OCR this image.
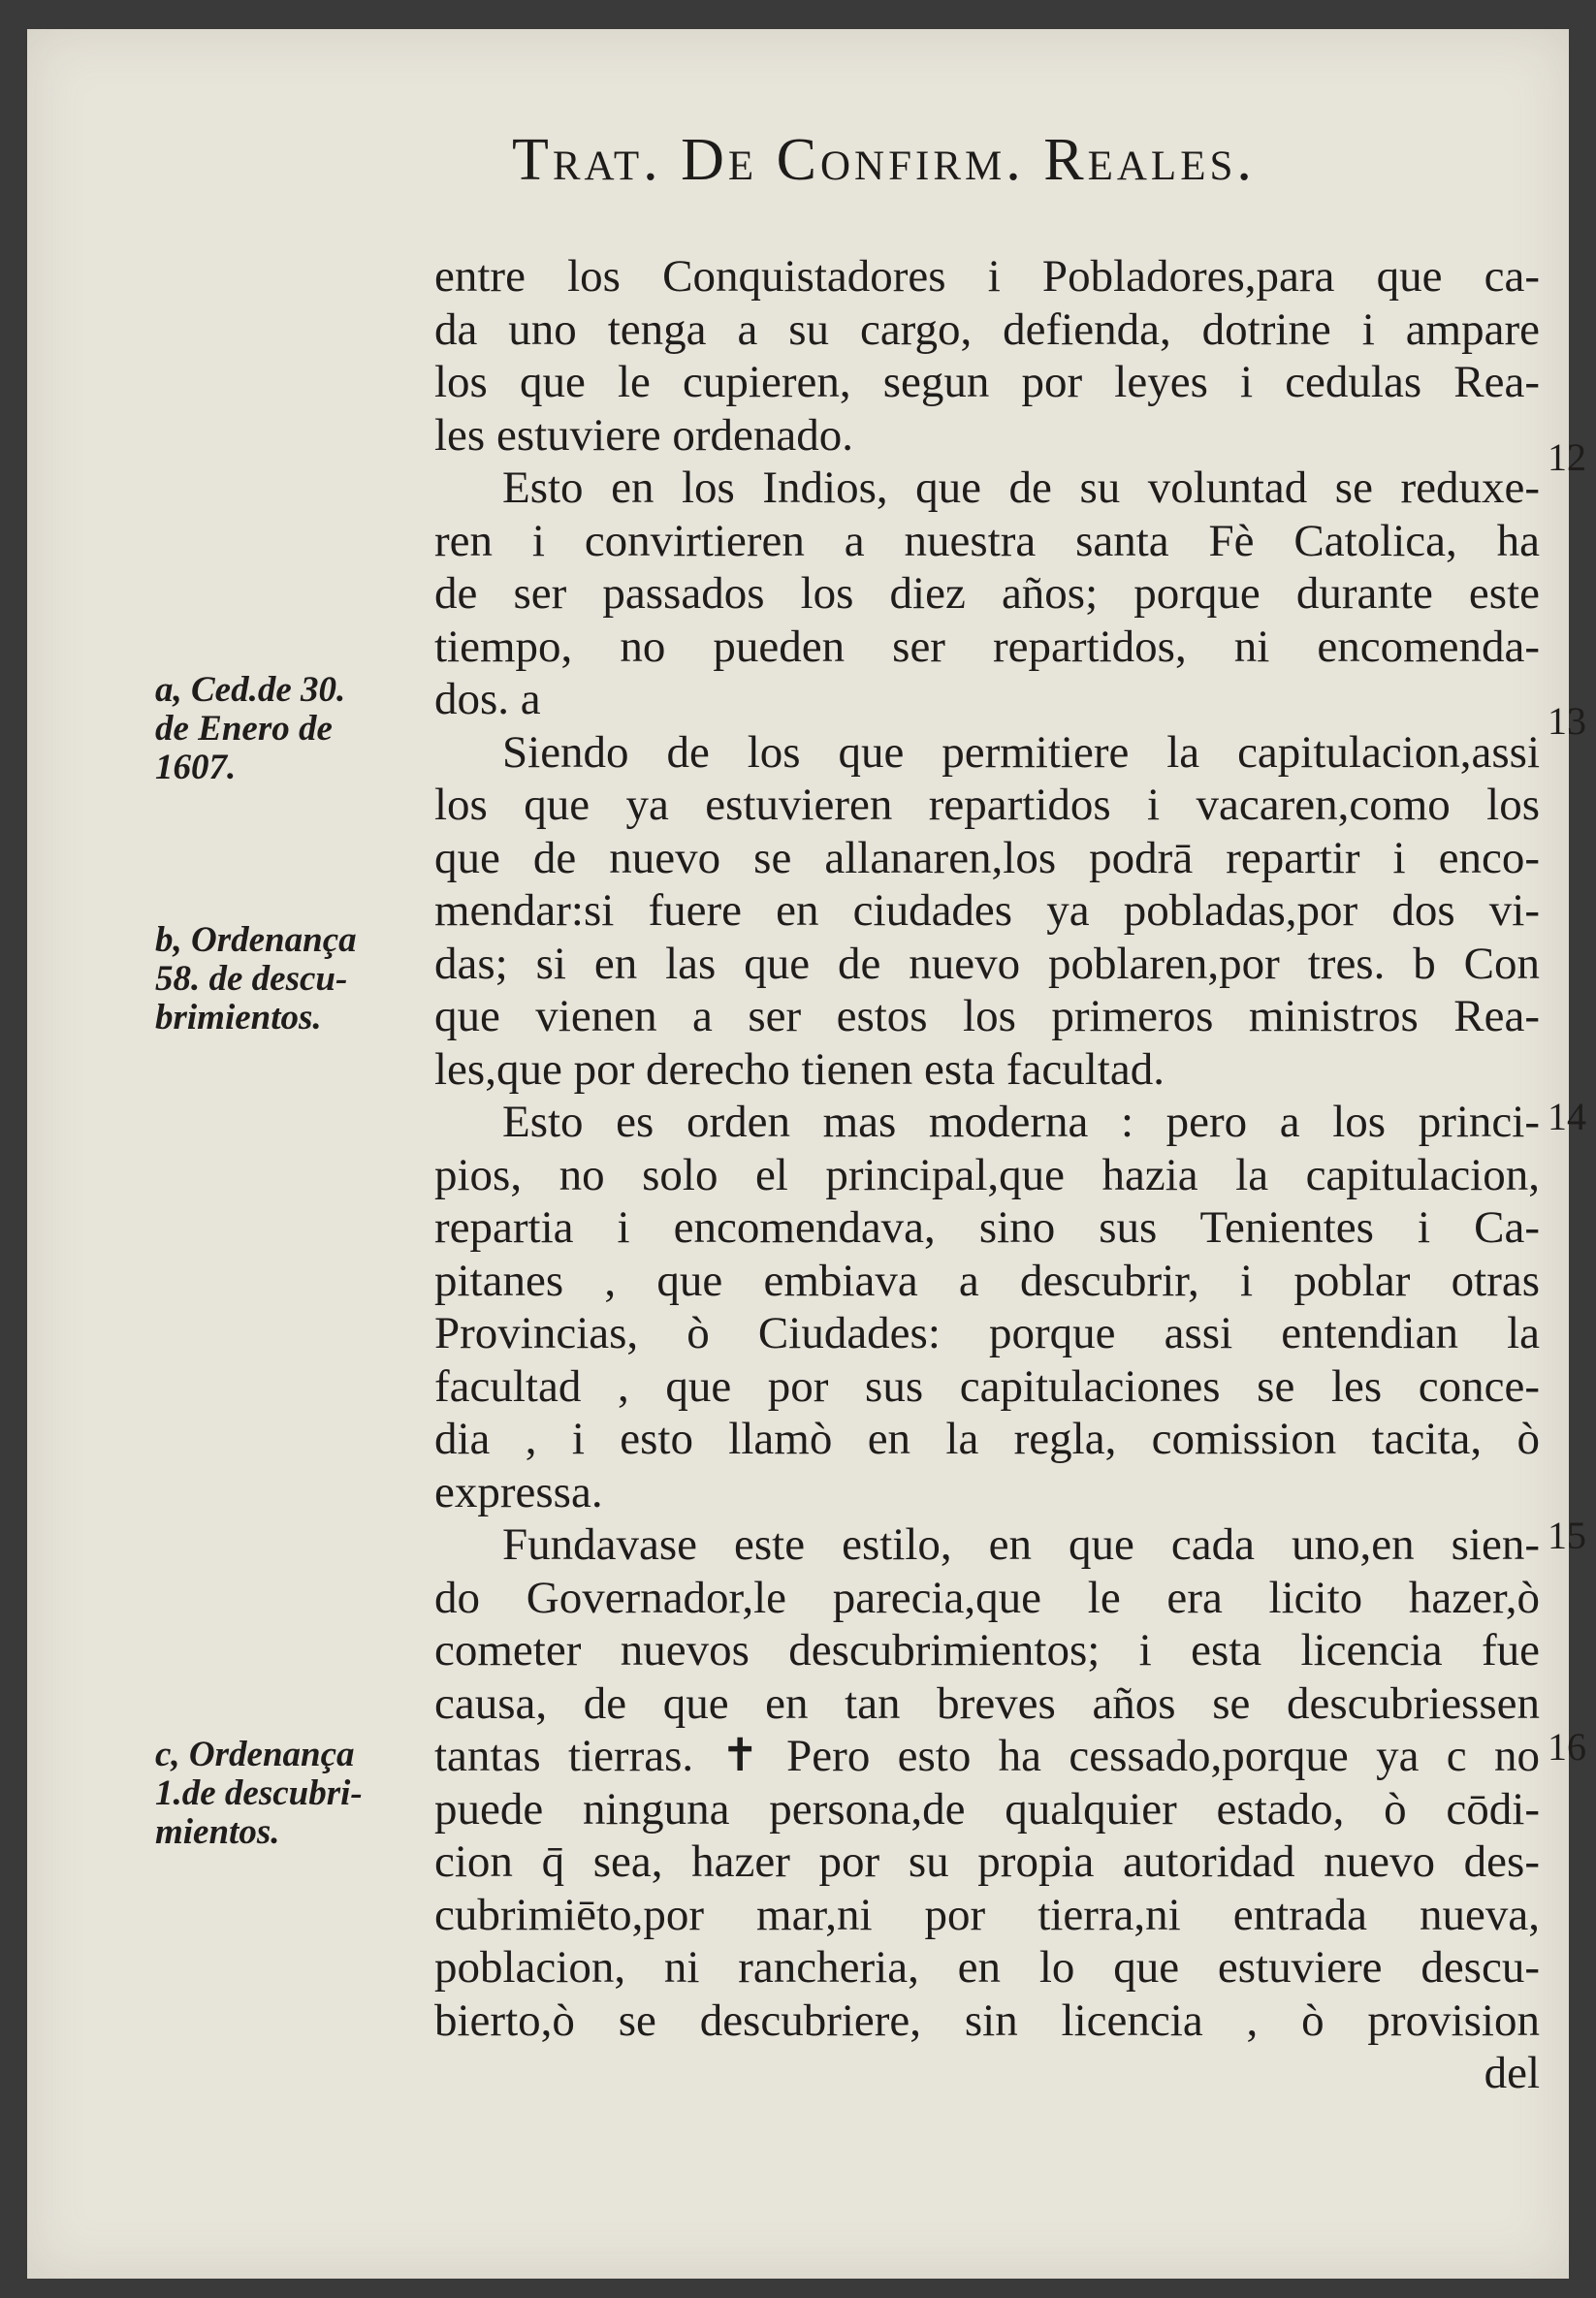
Trat. De Confirm. Reales.
entre los Conquistadores i Pobladores,para que ca-
da uno tenga a su cargo, defienda, dotrine i ampare
los que le cupieren, segun por leyes i cedulas Rea-
les estuviere ordenado.
Esto en los Indios, que de su voluntad se reduxe-
ren i convirtieren a nuestra santa Fè Catolica, ha
de ser passados los diez años; porque durante este
tiempo, no pueden ser repartidos, ni encomenda-
dos. a
Siendo de los que permitiere la capitulacion,assi
los que ya estuvieren repartidos i vacaren,como los
que de nuevo se allanaren,los podrā repartir i enco-
mendar:si fuere en ciudades ya pobladas,por dos vi-
das; si en las que de nuevo poblaren,por tres. b Con
que vienen a ser estos los primeros ministros Rea-
les,que por derecho tienen esta facultad.
Esto es orden mas moderna : pero a los princi-
pios, no solo el principal,que hazia la capitulacion,
repartia i encomendava, sino sus Tenientes i Ca-
pitanes , que embiava a descubrir, i poblar otras
Provincias, ò Ciudades: porque assi entendian la
facultad , que por sus capitulaciones se les conce-
dia , i esto llamò en la regla, comission tacita, ò
expressa.
Fundavase este estilo, en que cada uno,en sien-
do Governador,le parecia,que le era licito hazer,ò
cometer nuevos descubrimientos; i esta licencia fue
causa, de que en tan breves años se descubriessen
tantas tierras. ✝ Pero esto ha cessado,porque ya c no
puede ninguna persona,de qualquier estado, ò cōdi-
cion q̄ sea, hazer por su propia autoridad nuevo des-
cubrimiēto,por mar,ni por tierra,ni entrada nueva,
poblacion, ni rancheria, en lo que estuviere descu-
bierto,ò se descubriere, sin licencia , ò provision
del
a, Ced.de 30.
de Enero de
1607.
b, Ordenança
58. de descu-
brimientos.
c, Ordenança
1.de descubri-
mientos.
12
13
14
15
16
